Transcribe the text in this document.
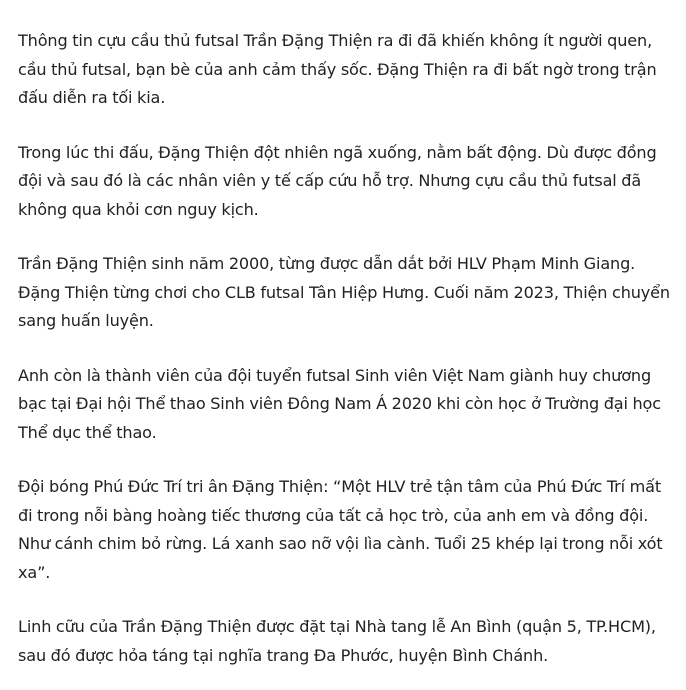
Thông tin cựu cầu thủ futsal Trần Đặng Thiện ra đi đã khiến không ít người quen, cầu thủ futsal, bạn bè của anh cảm thấy sốc. Đặng Thiện ra đi bất ngờ trong trận đấu diễn ra tối kia.

Trong lúc thi đấu, Đặng Thiện đột nhiên ngã xuống, nằm bất động. Dù được đồng đội và sau đó là các nhân viên y tế cấp cứu hỗ trợ. Nhưng cựu cầu thủ futsal đã không qua khỏi cơn nguy kịch.

Trần Đặng Thiện sinh năm 2000, từng được dẫn dắt bởi HLV Phạm Minh Giang. Đặng Thiện từng chơi cho CLB futsal Tân Hiệp Hưng. Cuối năm 2023, Thiện chuyển sang huấn luyện.

Anh còn là thành viên của đội tuyển futsal Sinh viên Việt Nam giành huy chương bạc tại Đại hội Thể thao Sinh viên Đông Nam Á 2020 khi còn học ở Trường đại học Thể dục thể thao.

Đội bóng Phú Đức Trí tri ân Đặng Thiện: “Một HLV trẻ tận tâm của Phú Đức Trí mất đi trong nỗi bàng hoàng tiếc thương của tất cả học trò, của anh em và đồng đội. Như cánh chim bỏ rừng. Lá xanh sao nỡ vội lìa cành. Tuổi 25 khép lại trong nỗi xót xa”.

Linh cữu của Trần Đặng Thiện được đặt tại Nhà tang lễ An Bình (quận 5, TP.HCM), sau đó được hỏa táng tại nghĩa trang Đa Phước, huyện Bình Chánh.
